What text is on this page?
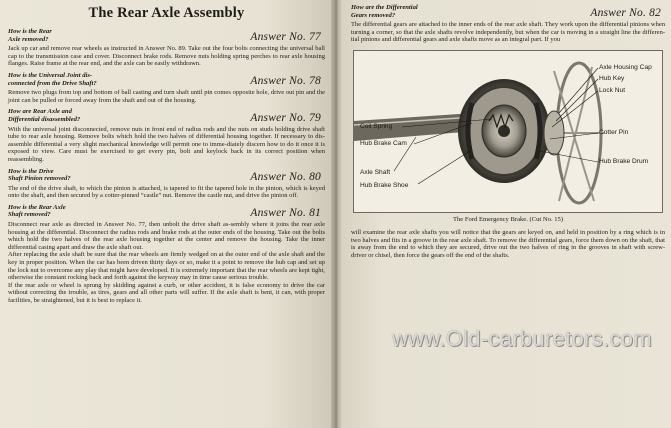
The Rear Axle Assembly
How is the Rear
Axle removed?	Answer No. 77

Jack up car and remove rear wheels as instructed in Answer No. 89. Take out the four bolts connecting the universal ball cap to the transmission case and cover. Disconnect brake rods. Remove nuts holding spring perches to rear axle housing flanges. Raise frame at the rear end, and the axle can be easily withdrawn.

How is the Universal Joint dis-
connected from the Drive Shaft?	Answer No. 78

Remove two plugs from top and bottom of ball casting and turn shaft until pin comes opposite hole, drive out pin and the joint can be pulled or forced away from the shaft and out of the housing.

How are Rear Axle and
Differential disassembled?	Answer No. 79

With the universal joint disconnected, remove nuts in front end of radius rods and the nuts on studs holding drive shaft tube to rear axle housing. Remove bolts which hold the two halves of differential housing together. If necessary to dis-assemble differential a very slight mechanical knowledge will permit one to imme-diately discern how to do it once it is exposed to view. Care must be exercised to get every pin, bolt and keylock back in its correct position when reassembling.

How is the Drive
Shaft Pinion removed?	Answer No. 80

The end of the drive shaft, to which the pinion is attached, is tapered to fit the tapered hole in the pinion, which is keyed onto the shaft, and then secured by a cotter-pinned “castle” nut. Remove the castle nut, and drive the pinion off.

How is the Rear Axle
Shaft removed?	Answer No. 81

Disconnect rear axle as directed in Answer No. 77, then unbolt the drive shaft as-sembly where it joins the rear axle housing at the differential. Disconnect the radius rods and brake rods at the outer ends of the housing. Take out the bolts which hold the two halves of the rear axle housing together at the center and remove the housing. Take the inner differential casing apart and draw the axle shaft out.

After replacing the axle shaft be sure that the rear wheels are firmly wedged on at the outer end of the axle shaft and the key in proper position. When the car has been driven thirty days or so, make it a point to remove the hub cap and set up the lock nut to overcome any play that might have developed. It is extremely important that the rear wheels are kept tight, otherwise the constant rocking back and forth against the keyway may in time cause serious trouble.

If the rear axle or wheel is sprung by skidding against a curb, or other accident, it is false economy to drive the car without correcting the trouble, as tires, gears and all other parts will suffer. If the axle shaft is bent, it can, with proper facilities, be straightened, but it is best to replace it.

How are the Differential
Gears removed?	Answer No. 82

The differential gears are attached to the inner ends of the rear axle shaft. They work upon the differential pinions when turning a corner, so that the axle shafts revolve independently, but when the car is moving in a straight line the differen-tial pinions and differential gears and axle shafts move as an integral part. If you

Axle Housing Cap
Hub Key
Lock Nut
Coil Spring
Hub Brake Cam
Cotter Pin
Axle Shaft
Hub Brake Drum
Hub Brake Shoe
The Ford Emergency Brake. (Cut No. 15)
will examine the rear axle shafts you will notice that the gears are keyed on, and held in position by a ring which is in two halves and fits in a groove in the rear axle shaft. To remove the differential gears, force them down on the shaft, that is away from the end to which they are secured, drive out the two halves of ring in the grooves in shaft with screw-driver or chisel, then force the gears off the end of the shafts.
www.Old-carburetors.com
